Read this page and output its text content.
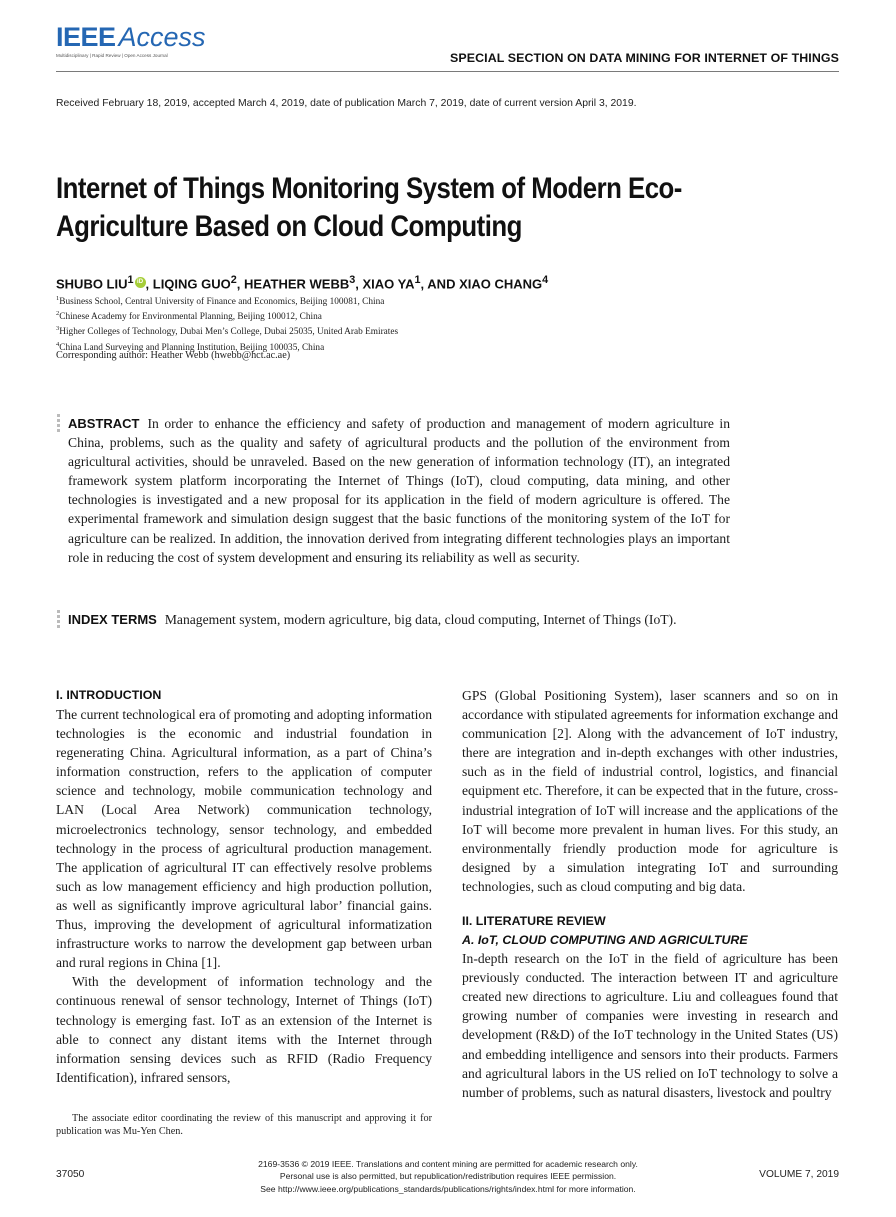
IEEE Access
Multidisciplinary | Rapid Review | Open Access Journal	SPECIAL SECTION ON DATA MINING FOR INTERNET OF THINGS
Received February 18, 2019, accepted March 4, 2019, date of publication March 7, 2019, date of current version April 3, 2019.
Internet of Things Monitoring System of Modern Eco-Agriculture Based on Cloud Computing
SHUBO LIU$^1$ iD , LIQING GUO$^2$, HEATHER WEBB$^3$, XIAO $YA^1$, AND XIAO CHANG$^4$
$^1$Business School, Central University of Finance and Economics, Beijing 100081, China
$^2$Chinese Academy for Environmental Planning, Beijing 100012, China
$^3$Higher Colleges of Technology, Dubai Men’s College, Dubai 25035, United Arab Emirates
$^4$China Land Surveying and Planning Institution, Beijing 100035, China
Corresponding author: Heather Webb (hwebb@hct.ac.ae)
ABSTRACT In order to enhance the efficiency and safety of production and management of modern agriculture in China, problems, such as the quality and safety of agricultural products and the pollution of the environment from agricultural activities, should be unraveled. Based on the new generation of information technology (IT), an integrated framework system platform incorporating the Internet of Things (IoT), cloud computing, data mining, and other technologies is investigated and a new proposal for its application in the field of modern agriculture is offered. The experimental framework and simulation design suggest that the basic functions of the monitoring system of the IoT for agriculture can be realized. In addition, the innovation derived from integrating different technologies plays an important role in reducing the cost of system development and ensuring its reliability as well as security.
INDEX TERMS Management system, modern agriculture, big data, cloud computing, Internet of Things (IoT).
I. INTRODUCTION

The current technological era of promoting and adopting information technologies is the economic and industrial foundation in regenerating China. Agricultural information, as a part of China’s information construction, refers to the application of computer science and technology, mobile communication technology and LAN (Local Area Network) communication technology, microelectronics technology, sensor technology, and embedded technology in the process of agricultural production management. The application of agricultural IT can effectively resolve problems such as low management efficiency and high production pollution, as well as significantly improve agricultural labor’ financial gains. Thus, improving the development of agricultural informatization infrastructure works to narrow the development gap between urban and rural regions in China [1].

With the development of information technology and the continuous renewal of sensor technology, Internet of Things (IoT) technology is emerging fast. IoT as an extension of the Internet is able to connect any distant items with the Internet through information sensing devices such as RFID (Radio Frequency Identification), infrared sensors,

GPS (Global Positioning System), laser scanners and so on in accordance with stipulated agreements for information exchange and communication [2]. Along with the advancement of IoT industry, there are integration and in-depth exchanges with other industries, such as in the field of industrial control, logistics, and financial equipment etc. Therefore, it can be expected that in the future, cross-industrial integration of IoT will increase and the applications of the IoT will become more prevalent in human lives. For this study, an environmentally friendly production mode for agriculture is designed by a simulation integrating IoT and surrounding technologies, such as cloud computing and big data.

II. LITERATURE REVIEW
A. IoT, CLOUD COMPUTING AND AGRICULTURE

In-depth research on the IoT in the field of agriculture has been previously conducted. The interaction between IT and agriculture created new directions to agriculture. Liu and colleagues found that growing number of companies were investing in research and development (R&D) of the IoT technology in the United States (US) and embedding intelligence and sensors into their products. Farmers and agricultural labors in the US relied on IoT technology to solve a number of problems, such as natural disasters, livestock and poultry

The associate editor coordinating the review of this manuscript and approving it for publication was Mu-Yen Chen.

37050
2169-3536 © 2019 IEEE. Translations and content mining are permitted for academic research only.
Personal use is also permitted, but republication/redistribution requires IEEE permission.
See http://www.ieee.org/publications_standards/publications/rights/index.html for more information.
VOLUME 7, 2019
